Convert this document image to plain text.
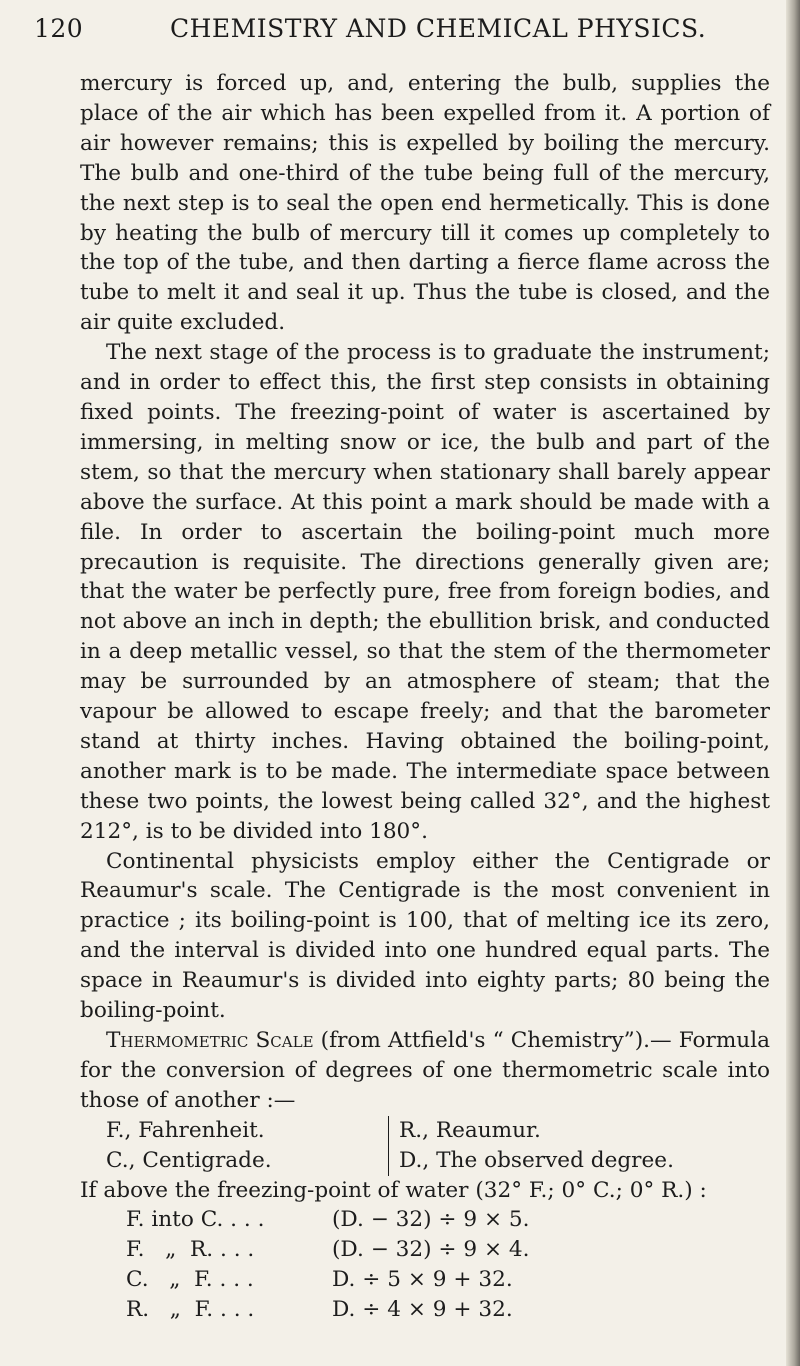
120	CHEMISTRY AND CHEMICAL PHYSICS.

mercury is forced up, and, entering the bulb, supplies the place of the air which has been expelled from it. A portion of air however remains; this is expelled by boiling the mercury. The bulb and one-third of the tube being full of the mercury, the next step is to seal the open end hermetically. This is done by heating the bulb of mercury till it comes up completely to the top of the tube, and then darting a fierce flame across the tube to melt it and seal it up. Thus the tube is closed, and the air quite excluded.

The next stage of the process is to graduate the instrument; and in order to effect this, the first step consists in obtaining fixed points. The freezing-point of water is ascertained by immersing, in melting snow or ice, the bulb and part of the stem, so that the mercury when stationary shall barely appear above the surface. At this point a mark should be made with a file. In order to ascertain the boiling-point much more precaution is requisite. The directions generally given are; that the water be perfectly pure, free from foreign bodies, and not above an inch in depth; the ebullition brisk, and conducted in a deep metallic vessel, so that the stem of the thermometer may be surrounded by an atmosphere of steam; that the vapour be allowed to escape freely; and that the barometer stand at thirty inches. Having obtained the boiling-point, another mark is to be made. The intermediate space between these two points, the lowest being called 32°, and the highest 212°, is to be divided into 180°.

Continental physicists employ either the Centigrade or Reaumur's scale. The Centigrade is the most convenient in practice ; its boiling-point is 100, that of melting ice its zero, and the interval is divided into one hundred equal parts. The space in Reaumur's is divided into eighty parts; 80 being the boiling-point.

Thermometric Scale (from Attfield's “ Chemistry”).— Formula for the conversion of degrees of one thermometric scale into those of another :—

F., Fahrenheit.	R., Reaumur.
C., Centigrade.	D., The observed degree.
If above the freezing-point of water (32° F.; 0° C.; 0° R.) :
F. into C. . . .	(D. − 32) ÷ 9 × 5.
F.   „  R. . . .	(D. − 32) ÷ 9 × 4.
C.   „  F. . . .	D. ÷ 5 × 9 + 32.
R.   „  F. . . .	D. ÷ 4 × 9 + 32.
